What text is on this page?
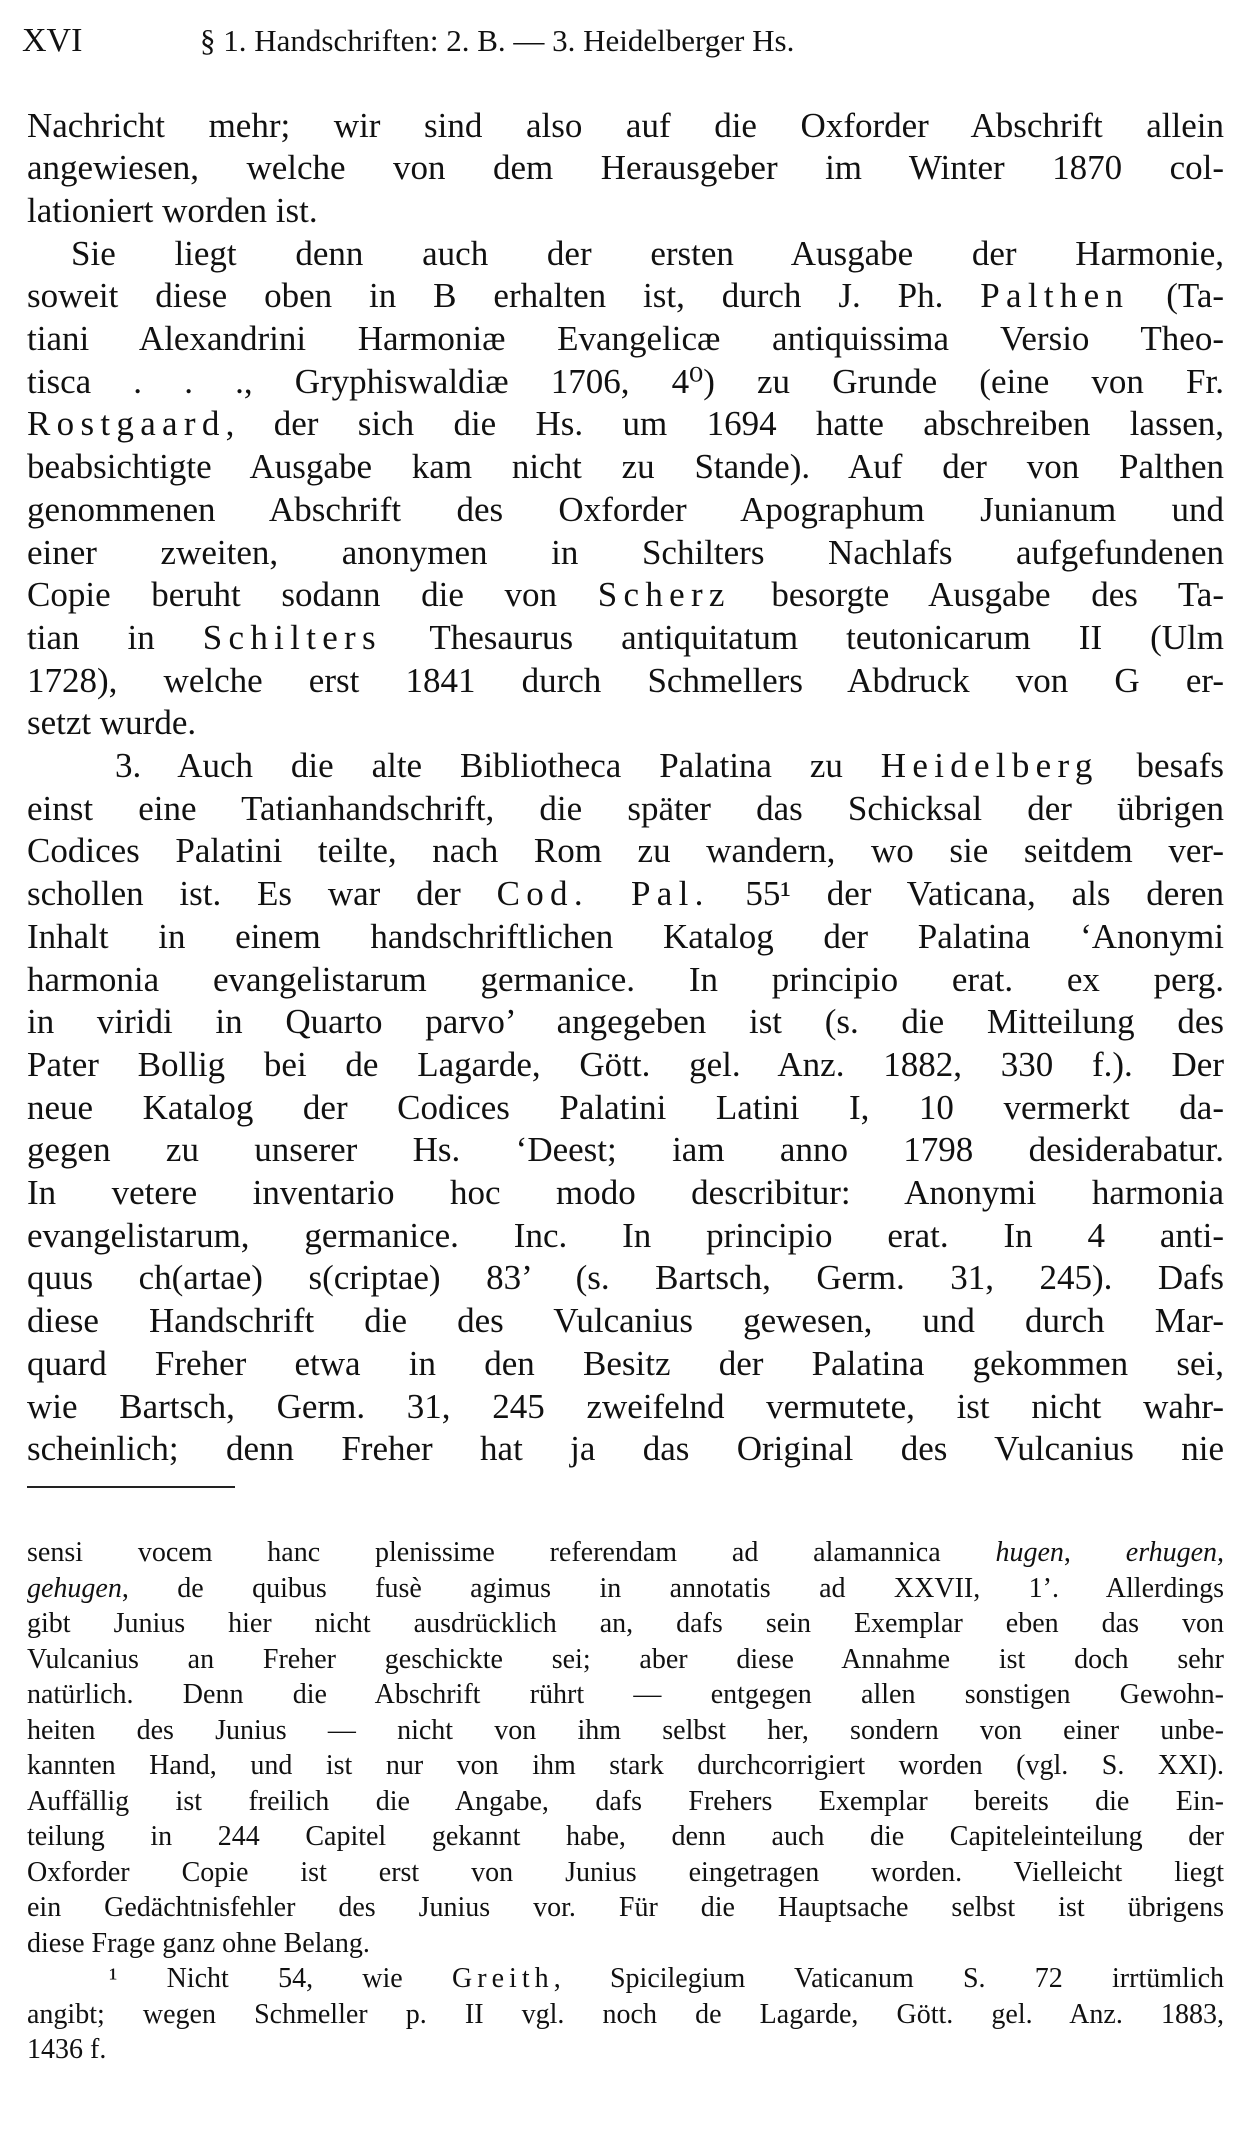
XVI	§ 1. Handschriften: 2. B. — 3. Heidelberger Hs.
Nachricht mehr; wir sind also auf die Oxforder Abschrift allein
angewiesen, welche von dem Herausgeber im Winter 1870 col-
lationiert worden ist.
Sie liegt denn auch der ersten Ausgabe der Harmonie,
soweit diese oben in B erhalten ist, durch J. Ph. Palthen (Ta-
tiani Alexandrini Harmoniæ Evangelicæ antiquissima Versio Theo-
tisca . . ., Gryphiswaldiæ 1706, 4⁰) zu Grunde (eine von Fr.
Rostgaard, der sich die Hs. um 1694 hatte abschreiben lassen,
beabsichtigte Ausgabe kam nicht zu Stande). Auf der von Palthen
genommenen Abschrift des Oxforder Apographum Junianum und
einer zweiten, anonymen in Schilters Nachlafs aufgefundenen
Copie beruht sodann die von Scherz besorgte Ausgabe des Ta-
tian in Schilters Thesaurus antiquitatum teutonicarum II (Ulm
1728), welche erst 1841 durch Schmellers Abdruck von G er-
setzt wurde.
3. Auch die alte Bibliotheca Palatina zu Heidelberg besafs
einst eine Tatianhandschrift, die später das Schicksal der übrigen
Codices Palatini teilte, nach Rom zu wandern, wo sie seitdem ver-
schollen ist. Es war der Cod. Pal. 55¹ der Vaticana, als deren
Inhalt in einem handschriftlichen Katalog der Palatina ‘Anonymi
harmonia evangelistarum germanice. In principio erat. ex perg.
in viridi in Quarto parvo’ angegeben ist (s. die Mitteilung des
Pater Bollig bei de Lagarde, Gött. gel. Anz. 1882, 330 f.). Der
neue Katalog der Codices Palatini Latini I, 10 vermerkt da-
gegen zu unserer Hs. ‘Deest; iam anno 1798 desiderabatur.
In vetere inventario hoc modo describitur: Anonymi harmonia
evangelistarum, germanice. Inc. In principio erat. In 4 anti-
quus ch(artae) s(criptae) 83’ (s. Bartsch, Germ. 31, 245). Dafs
diese Handschrift die des Vulcanius gewesen, und durch Mar-
quard Freher etwa in den Besitz der Palatina gekommen sei,
wie Bartsch, Germ. 31, 245 zweifelnd vermutete, ist nicht wahr-
scheinlich; denn Freher hat ja das Original des Vulcanius nie
sensi vocem hanc plenissime referendam ad alamannica hugen, erhugen,
gehugen, de quibus fusè agimus in annotatis ad XXVII, 1’. Allerdings
gibt Junius hier nicht ausdrücklich an, dafs sein Exemplar eben das von
Vulcanius an Freher geschickte sei; aber diese Annahme ist doch sehr
natürlich. Denn die Abschrift rührt — entgegen allen sonstigen Gewohn-
heiten des Junius — nicht von ihm selbst her, sondern von einer unbe-
kannten Hand, und ist nur von ihm stark durchcorrigiert worden (vgl. S. XXI).
Auffällig ist freilich die Angabe, dafs Frehers Exemplar bereits die Ein-
teilung in 244 Capitel gekannt habe, denn auch die Capiteleinteilung der
Oxforder Copie ist erst von Junius eingetragen worden. Vielleicht liegt
ein Gedächtnisfehler des Junius vor. Für die Hauptsache selbst ist übrigens
diese Frage ganz ohne Belang.
¹ Nicht 54, wie Greith, Spicilegium Vaticanum S. 72 irrtümlich
angibt; wegen Schmeller p. II vgl. noch de Lagarde, Gött. gel. Anz. 1883,
1436 f.
